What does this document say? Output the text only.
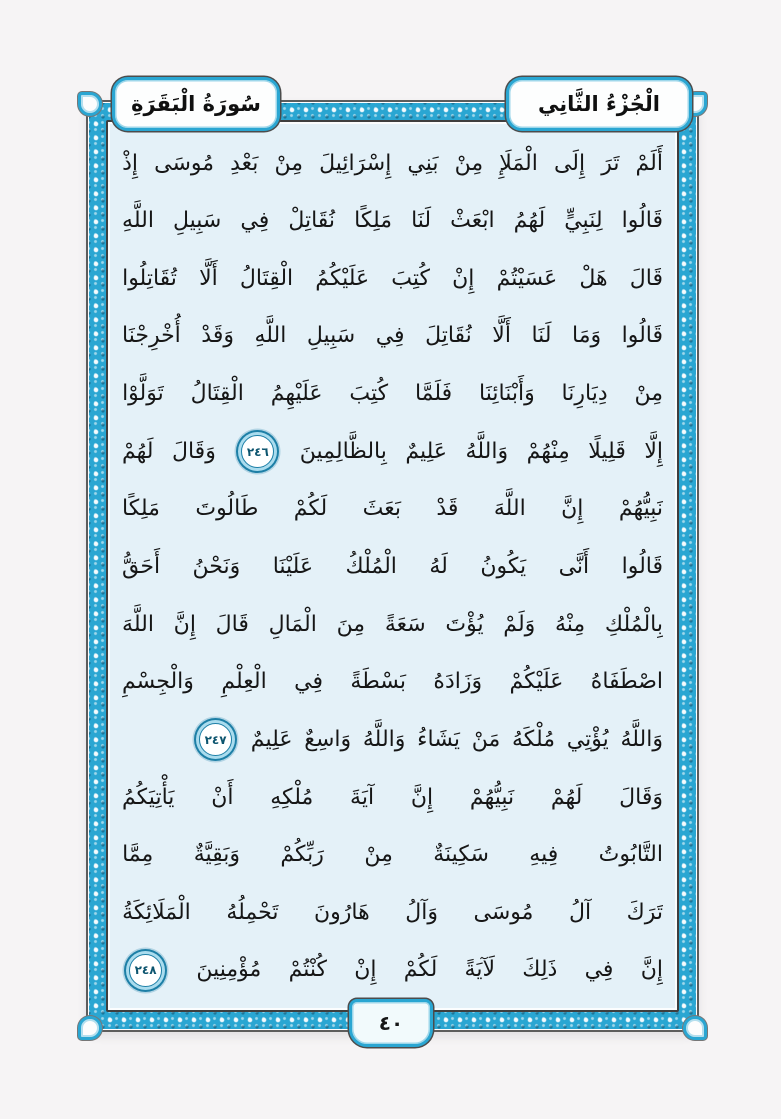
سُورَةُ الْبَقَرَةِ	الْجُزْءُ الثَّانِي
أَلَمْ
تَرَ
إِلَى
الْمَلَإِ
مِنْ
بَنِي
إِسْرَائِيلَ
مِنْ
بَعْدِ
مُوسَى
إِذْ
قَالُوا
لِنَبِيٍّ
لَهُمُ
ابْعَثْ
لَنَا
مَلِكًا
نُقَاتِلْ
فِي
سَبِيلِ
اللَّهِ
قَالَ
هَلْ
عَسَيْتُمْ
إِنْ
كُتِبَ
عَلَيْكُمُ
الْقِتَالُ
أَلَّا
تُقَاتِلُوا
قَالُوا
وَمَا
لَنَا
أَلَّا
نُقَاتِلَ
فِي
سَبِيلِ
اللَّهِ
وَقَدْ
أُخْرِجْنَا
مِنْ
دِيَارِنَا
وَأَبْنَائِنَا
فَلَمَّا
كُتِبَ
عَلَيْهِمُ
الْقِتَالُ
تَوَلَّوْا
إِلَّا
قَلِيلًا
مِنْهُمْ
وَاللَّهُ
عَلِيمٌ
بِالظَّالِمِينَ
٢٤٦
وَقَالَ
لَهُمْ
نَبِيُّهُمْ
إِنَّ
اللَّهَ
قَدْ
بَعَثَ
لَكُمْ
طَالُوتَ
مَلِكًا
قَالُوا
أَنَّى
يَكُونُ
لَهُ
الْمُلْكُ
عَلَيْنَا
وَنَحْنُ
أَحَقُّ
بِالْمُلْكِ
مِنْهُ
وَلَمْ
يُؤْتَ
سَعَةً
مِنَ
الْمَالِ
قَالَ
إِنَّ
اللَّهَ
اصْطَفَاهُ
عَلَيْكُمْ
وَزَادَهُ
بَسْطَةً
فِي
الْعِلْمِ
وَالْجِسْمِ
وَاللَّهُ
يُؤْتِي
مُلْكَهُ
مَنْ
يَشَاءُ
وَاللَّهُ
وَاسِعٌ
عَلِيمٌ
٢٤٧
وَقَالَ
لَهُمْ
نَبِيُّهُمْ
إِنَّ
آيَةَ
مُلْكِهِ
أَنْ
يَأْتِيَكُمُ
التَّابُوتُ
فِيهِ
سَكِينَةٌ
مِنْ
رَبِّكُمْ
وَبَقِيَّةٌ
مِمَّا
تَرَكَ
آلُ
مُوسَى
وَآلُ
هَارُونَ
تَحْمِلُهُ
الْمَلَائِكَةُ
إِنَّ
فِي
ذَلِكَ
لَآيَةً
لَكُمْ
إِنْ
كُنْتُمْ
مُؤْمِنِينَ
٢٤٨
٤٠
